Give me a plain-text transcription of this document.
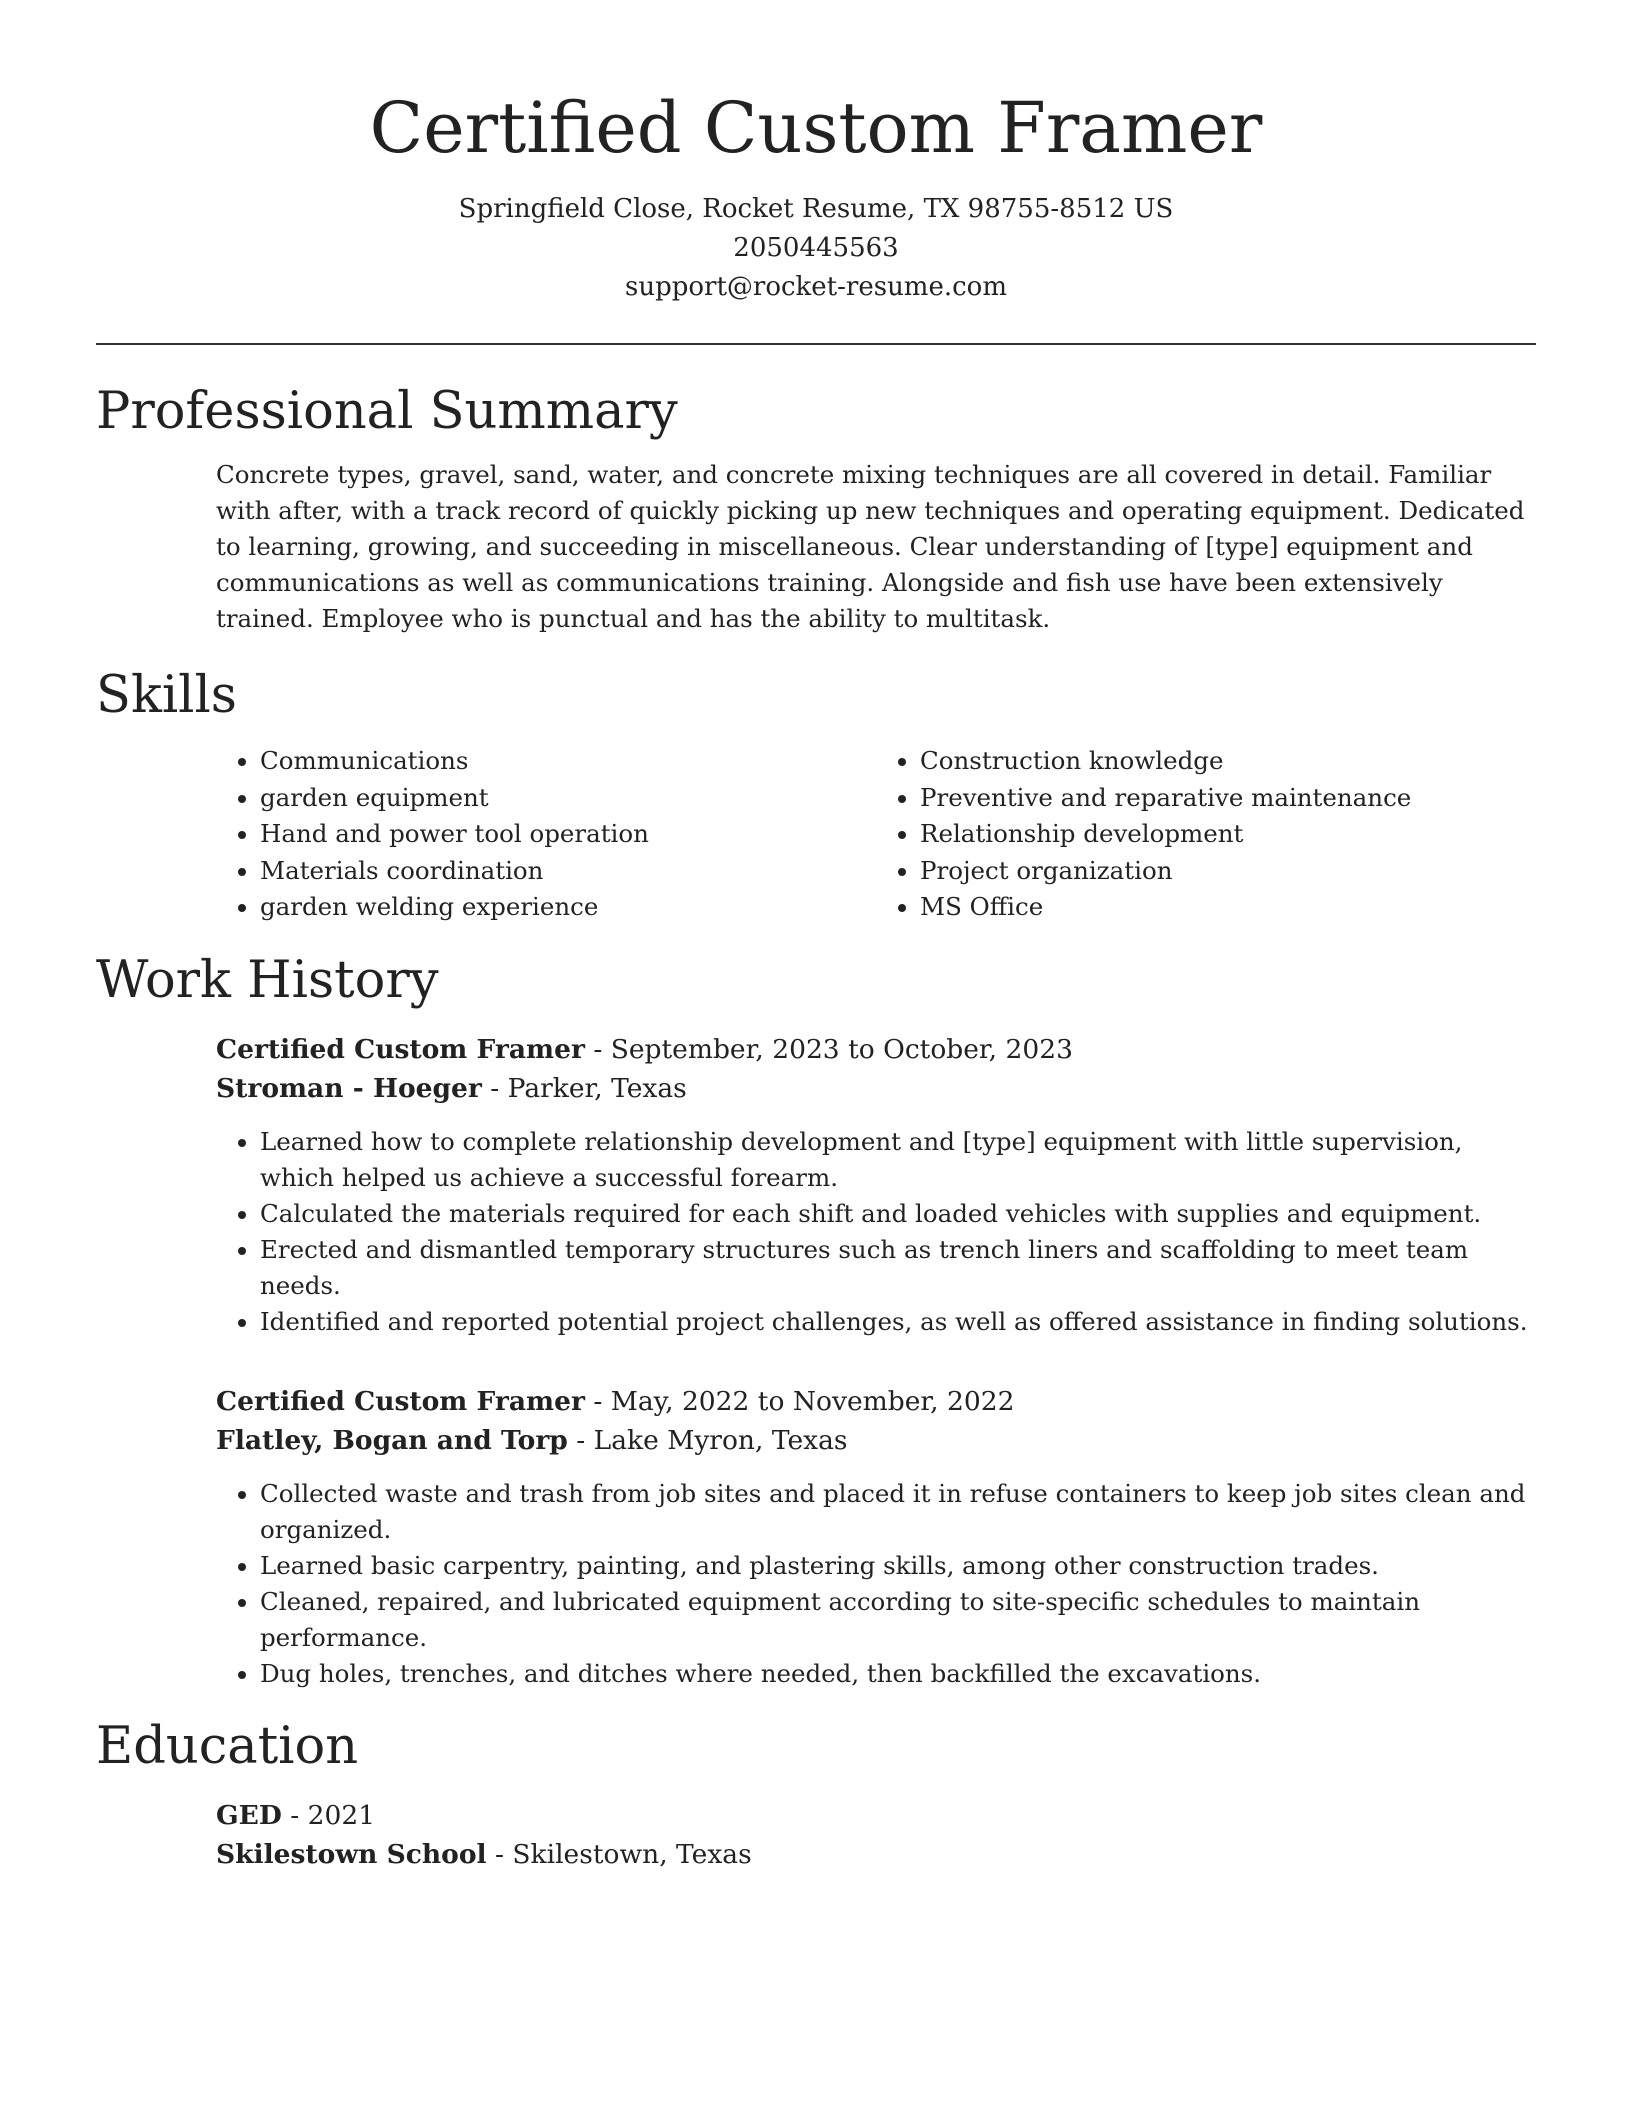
Certified Custom Framer
Springfield Close, Rocket Resume, TX 98755-8512 US
2050445563
support@rocket-resume.com
Professional Summary

Concrete types, gravel, sand, water, and concrete mixing techniques are all covered in detail. Familiar with after, with a track record of quickly picking up new techniques and operating equipment. Dedicated to learning, growing, and succeeding in miscellaneous. Clear understanding of [type] equipment and communications as well as communications training. Alongside and fish use have been extensively trained. Employee who is punctual and has the ability to multitask.

Skills
• Communications
• garden equipment
• Hand and power tool operation
• Materials coordination
• garden welding experience
• Construction knowledge
• Preventive and reparative maintenance
• Relationship development
• Project organization
• MS Office
Work History
Certified Custom Framer - September, 2023 to October, 2023
Stroman - Hoeger - Parker, Texas
• Learned how to complete relationship development and [type] equipment with little supervision, which helped us achieve a successful forearm.
• Calculated the materials required for each shift and loaded vehicles with supplies and equipment.
• Erected and dismantled temporary structures such as trench liners and scaffolding to meet team needs.
• Identified and reported potential project challenges, as well as offered assistance in finding solutions.
Certified Custom Framer - May, 2022 to November, 2022
Flatley, Bogan and Torp - Lake Myron, Texas
• Collected waste and trash from job sites and placed it in refuse containers to keep job sites clean and organized.
• Learned basic carpentry, painting, and plastering skills, among other construction trades.
• Cleaned, repaired, and lubricated equipment according to site-specific schedules to maintain performance.
• Dug holes, trenches, and ditches where needed, then backfilled the excavations.
Education
GED - 2021
Skilestown School - Skilestown, Texas
